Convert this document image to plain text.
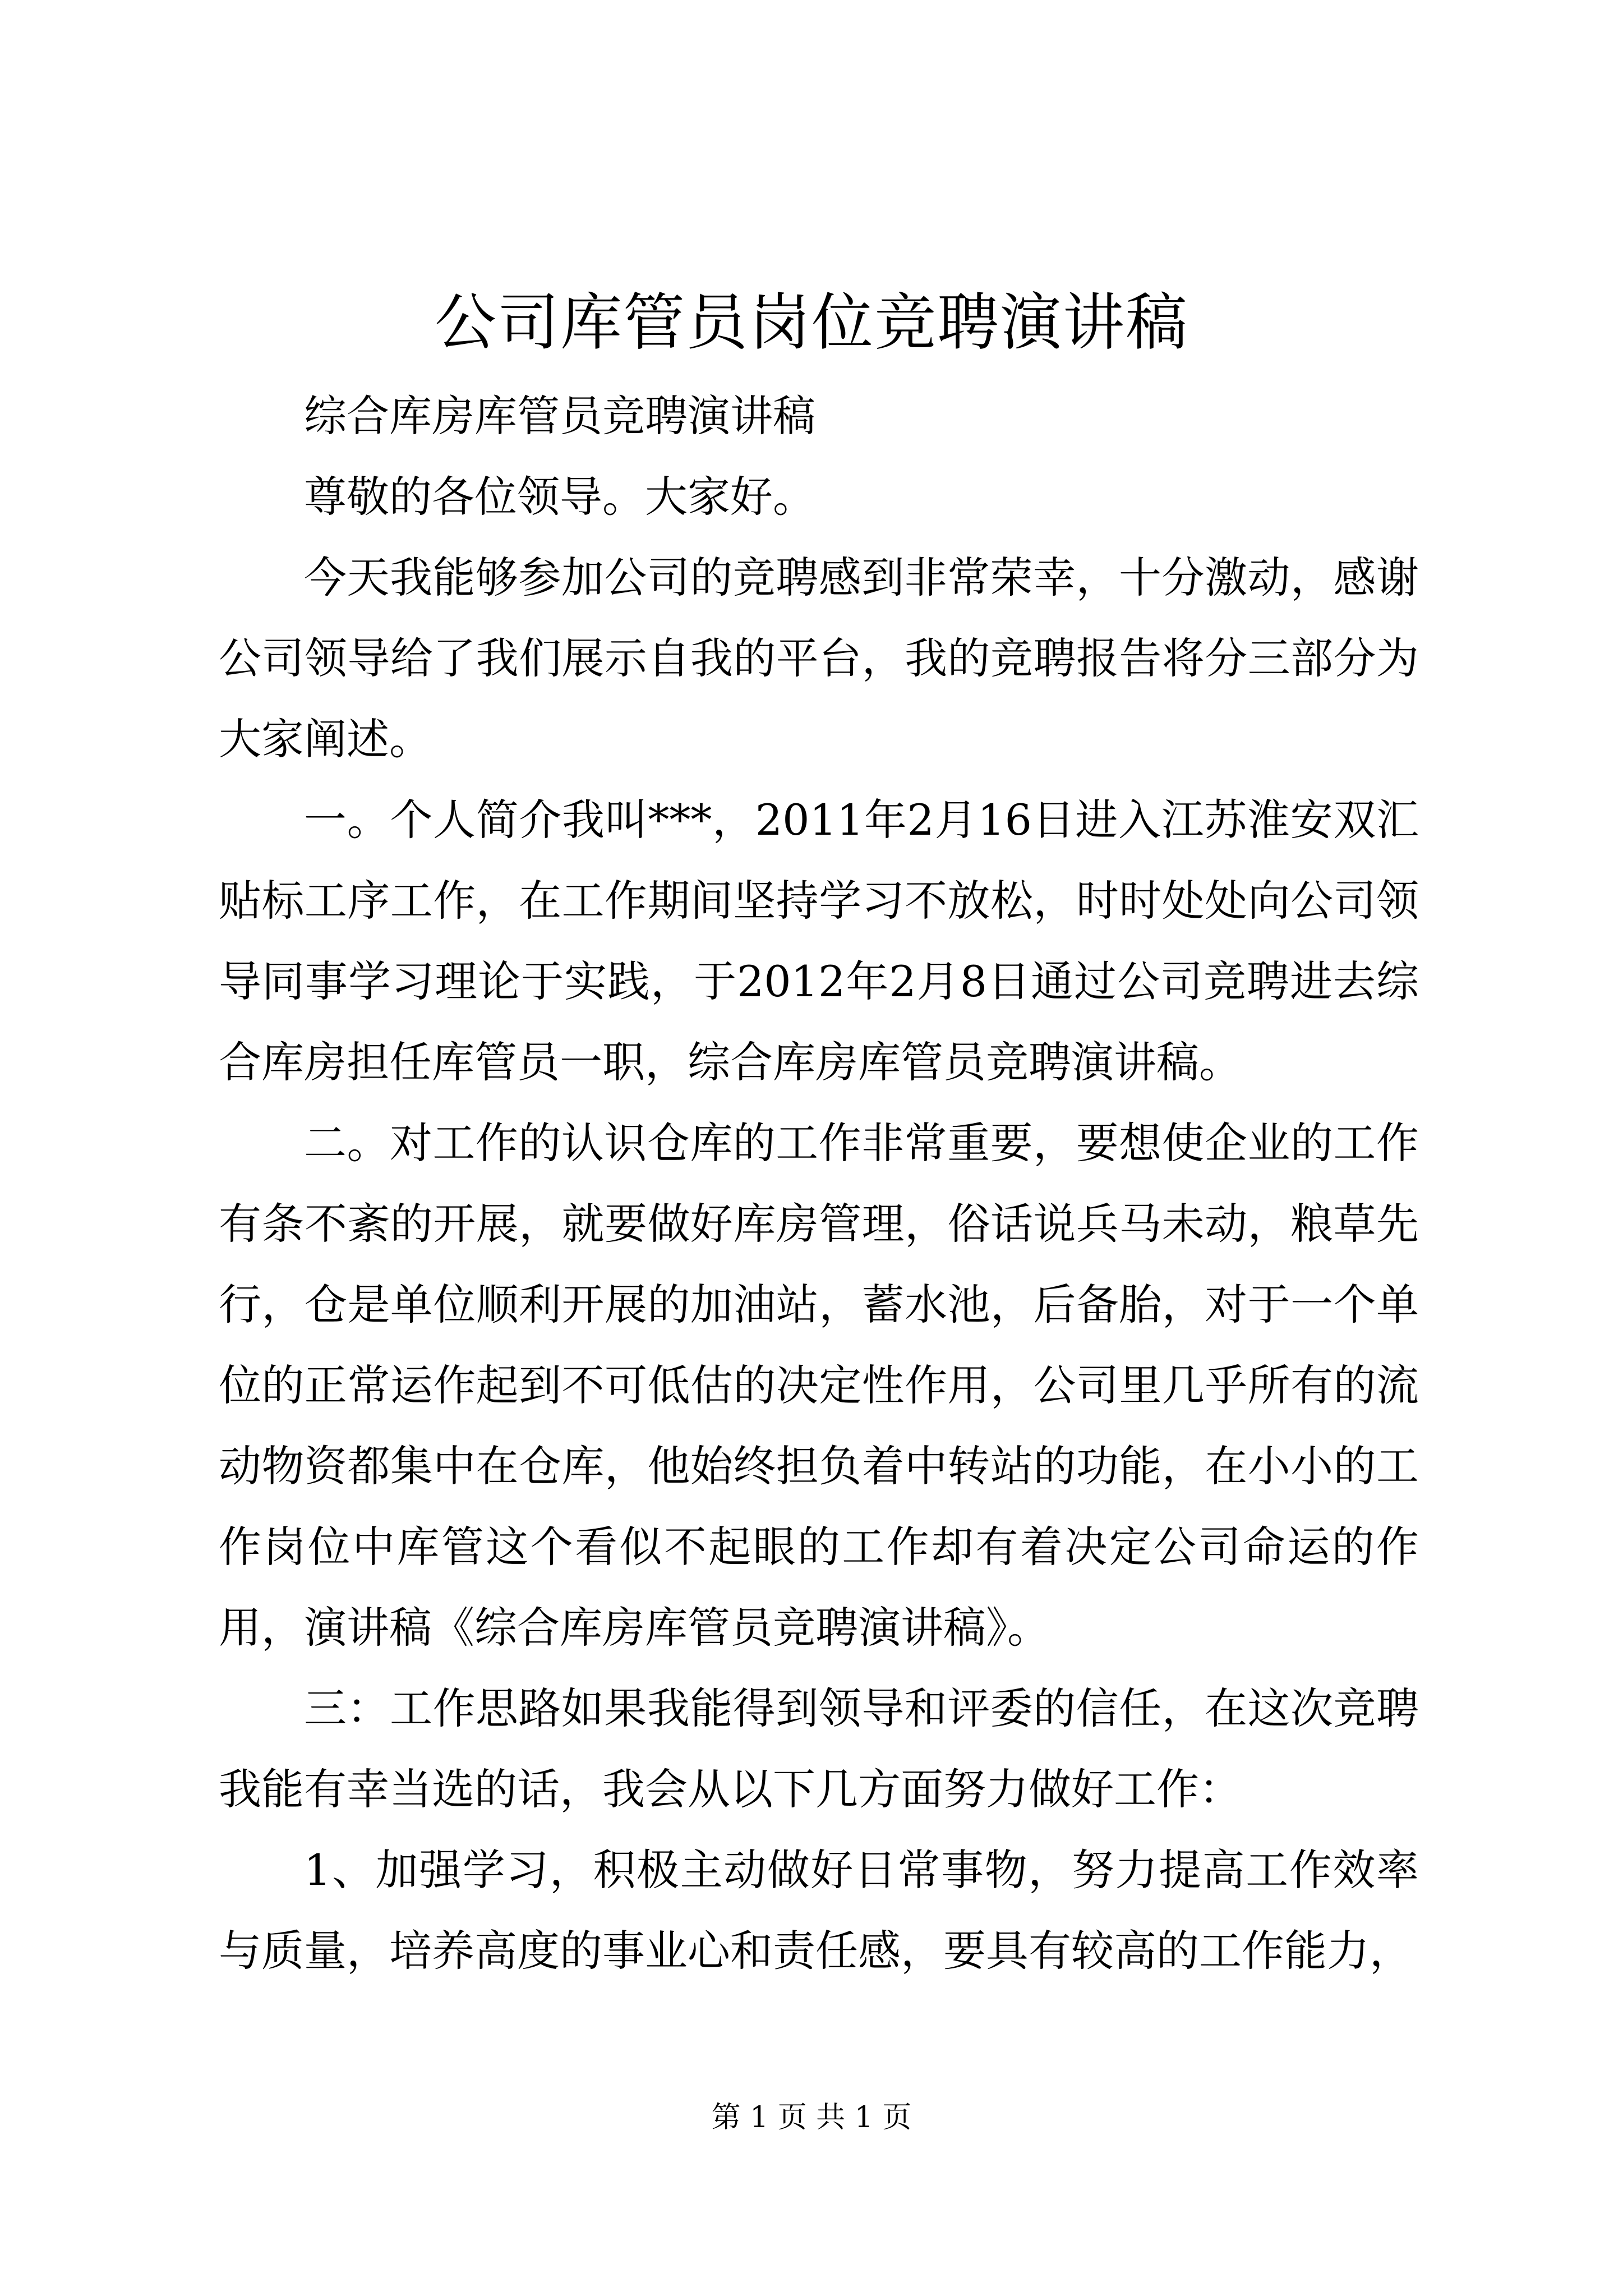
公司库管员岗位竞聘演讲稿

综合库房库管员竞聘演讲稿

尊敬的各位领导。大家好。

今天我能够参加公司的竞聘感到非常荣幸，十分激动，感谢公司领导给了我们展示自我的平台，我的竞聘报告将分三部分为大家阐述。

一。个人简介我叫***，2011年2月16日进入江苏淮安双汇贴标工序工作，在工作期间坚持学习不放松，时时处处向公司领导同事学习理论于实践，于2012年2月8日通过公司竞聘进去综合库房担任库管员一职，综合库房库管员竞聘演讲稿。

二。对工作的认识仓库的工作非常重要，要想使企业的工作有条不紊的开展，就要做好库房管理，俗话说兵马未动，粮草先行，仓是单位顺利开展的加油站，蓄水池，后备胎，对于一个单位的正常运作起到不可低估的决定性作用，公司里几乎所有的流动物资都集中在仓库，他始终担负着中转站的功能，在小小的工作岗位中库管这个看似不起眼的工作却有着决定公司命运的作用，演讲稿《综合库房库管员竞聘演讲稿》。

三：工作思路如果我能得到领导和评委的信任，在这次竞聘我能有幸当选的话，我会从以下几方面努力做好工作：

1、加强学习，积极主动做好日常事物，努力提高工作效率与质量，培养高度的事业心和责任感，要具有较高的工作能力，

第 1 页 共 1 页
